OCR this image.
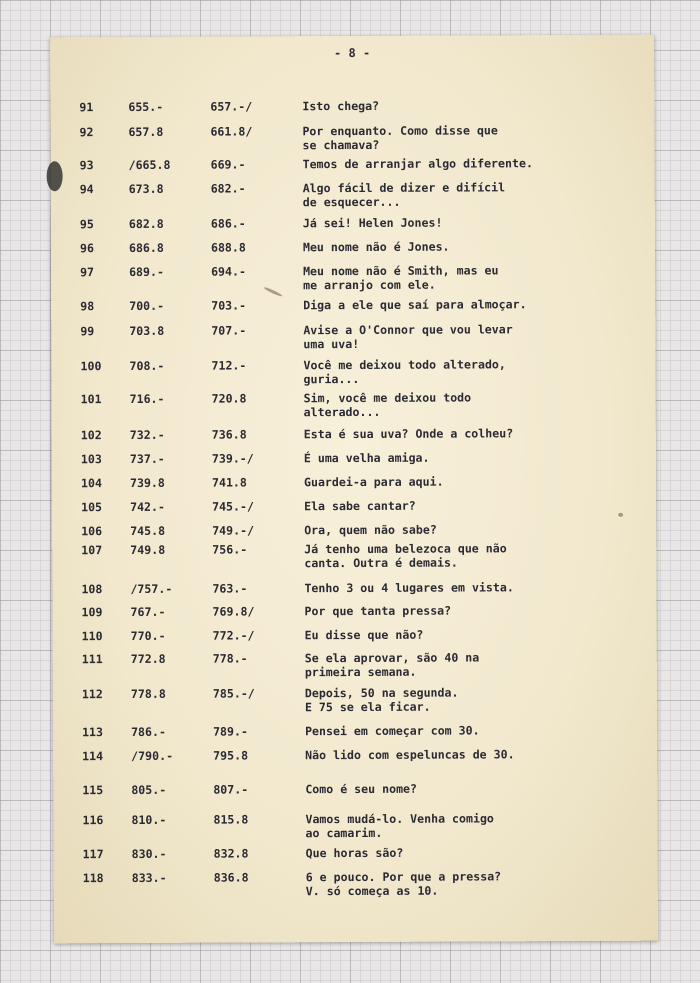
- 8 -
91	655.-	657.-/	Isto chega?
92	657.8	661.8/	Por enquanto. Como disse que
se chamava?
93	/665.8	669.-	Temos de arranjar algo diferente.
94	673.8	682.-	Algo fácil de dizer e difícil
de esquecer...
95	682.8	686.-	Já sei! Helen Jones!
96	686.8	688.8	Meu nome não é Jones.
97	689.-	694.-	Meu nome não é Smith, mas eu
me arranjo com ele.
98	700.-	703.-	Diga a ele que saí para almoçar.
99	703.8	707.-	Avise a O'Connor que vou levar
uma uva!
100 708.-	712.-	Você me deixou todo alterado,
guria...
101 716.-	720.8	Sim, você me deixou todo
alterado...
102 732.-	736.8	Esta é sua uva? Onde a colheu?
103 737.-	739.-/	É uma velha amiga.
104 739.8	741.8	Guardei-a para aqui.
105 742.-	745.-/	Ela sabe cantar?
106 745.8	749.-/	Ora, quem não sabe?
107 749.8	756.-	Já tenho uma belezoca que não
canta. Outra é demais.
108 /757.-	763.-	Tenho 3 ou 4 lugares em vista.
109 767.-	769.8/	Por que tanta pressa?
110 770.-	772.-/	Eu disse que não?
111 772.8	778.-	Se ela aprovar, são 40 na
primeira semana.
112 778.8	785.-/	Depois, 50 na segunda.
E 75 se ela ficar.
113 786.-	789.-	Pensei em começar com 30.
114 /790.-	795.8	Não lido com espeluncas de 30.
115 805.-	807.-	Como é seu nome?
116 810.-	815.8	Vamos mudá-lo. Venha comigo
ao camarim.
117 830.-	832.8	Que horas são?
118 833.-	836.8	6 e pouco. Por que a pressa?
V. só começa as 10.
